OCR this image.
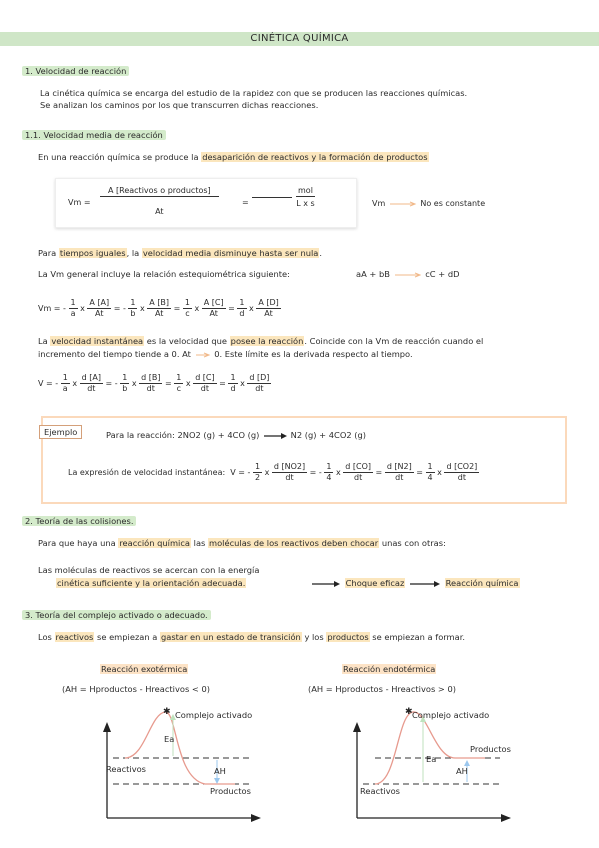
CINÉTICA QUÍMICA
1. Velocidad de reacción
La cinética química se encarga del estudio de la rapidez con que se producen las reacciones químicas.
Se analizan los caminos por los que transcurren dichas reacciones.
1.1. Velocidad media de reacción
En una reacción química se produce la desaparición de reactivos y la formación de productos
$Vm = \frac{\text{A [Reactivos o productos]}}{At}$	=	$\frac{\text{mol}}{\text{L x s}}$	Vm	No es constante
Para tiempos iguales, la velocidad media disminuye hasta ser nula.
La Vm general incluye la relación estequiométrica siguiente:	aA + bB	cC + dD
Vm = - $\frac{1}{a}$ x $\frac{A [A]}{At}$ = - $\frac{1}{b}$ x $\frac{A [B]}{At} = \frac{1}{c}$ x $\frac{A [C]}{At} = \frac{1}{d}$ x $\frac{A [D]}{At}$
La velocidad instantánea es la velocidad que posee la reacción. Coincide con la Vm de reacción cuando el
incremento del tiempo tiende a 0. At	0. Este límite es la derivada respecto al tiempo.
V = - $\frac{1}{a}$ x $\frac{d [A]}{dt}$ = - $\frac{1}{b}$ x $\frac{d [B]}{dt} = \frac{1}{c}$ x $\frac{d [C]}{dt} = \frac{1}{d}$ x $\frac{d [D]}{dt}$
Ejemplo	Para la reacción: 2NO2 (g) + 4CO (g)	N2 (g) + 4CO2 (g)
La expresión de velocidad instantánea: V = - $\frac{1}{2}$ x $\frac{d [NO2]}{dt}$ = - $\frac{1}{4}$ x $\frac{d [CO]}{dt} = \frac{d [N2]}{dt} = \frac{1}{4}$ x $\frac{d [CO2]}{dt}$
2. Teoría de las colisiones.
Para que haya una reacción química las moléculas de los reactivos deben chocar unas con otras:
Las moléculas de reactivos se acercan con la energía
cinética suficiente y la orientación adecuada.	Choque eficaz	Reacción química
3. Teoría del complejo activado o adecuado.
Los reactivos se empiezan a gastar en un estado de transición y los productos se empiezan a formar.
Reacción exotérmica
(AH = Hproductos - Hreactivos < 0)
Reacción endotérmica
(AH = Hproductos - Hreactivos > 0)
✱ Complejo activado
Ea
Reactivos	AH
Productos
✱ Complejo activado
Ea
Productos
AH
Reactivos
